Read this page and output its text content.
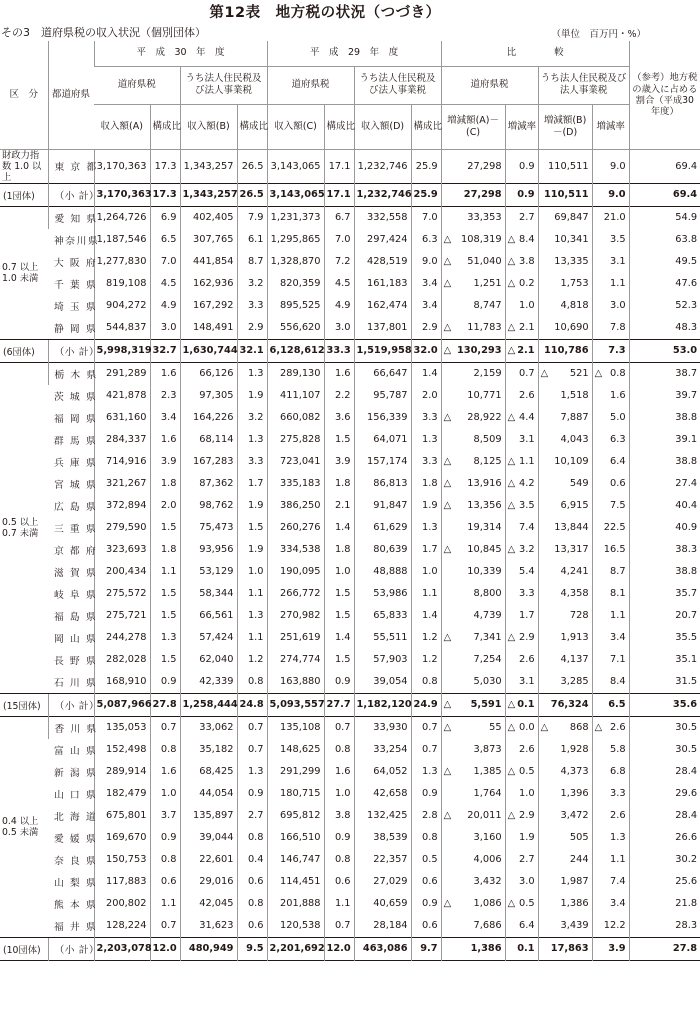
第12表　地方税の状況（つづき）
その3　道府県税の収入状況（個別団体）	（単位　百万円・%）
区　分	都道府県	平　成　30　年　度				平　成　29　年　度				比　　　　較				（参考）地方税の歳入に占める割合（平成30年度）
		道府県税		うち法人住民税及び法人事業税		道府県税		うち法人住民税及び法人事業税		道府県税		うち法人住民税及び法人事業税		
		収入額(A)	構成比	収入額(B)	構成比	収入額(C)	構成比	収入額(D)	構成比	増減額(A)－(C)	増減率	増減額(B)－(D)	増減率	
財政力指数 1.0 以上	東 京 都	3,170,363	17.3	1,343,257	26.5	3,143,065	17.1	1,232,746	25.9	27,298	0.9	110,511	9.0	69.4
(1団体)	（小 計）	3,170,363	17.3	1,343,257	26.5	3,143,065	17.1	1,232,746	25.9	27,298	0.9	110,511	9.0	69.4
0.7 以上 1.0 未満	愛 知 県	1,264,726	6.9	402,405	7.9	1,231,373	6.7	332,558	7.0	33,353	2.7	69,847	21.0	54.9
	神奈川県	1,187,546	6.5	307,765	6.1	1,295,865	7.0	297,424	6.3	△ 108,319	△ 8.4	10,341	3.5	63.8
	大 阪 府	1,277,830	7.0	441,854	8.7	1,328,870	7.2	428,519	9.0	△ 51,040	△ 3.8	13,335	3.1	49.5
	千 葉 県	819,108	4.5	162,936	3.2	820,359	4.5	161,183	3.4	△ 1,251	△ 0.2	1,753	1.1	47.6
	埼 玉 県	904,272	4.9	167,292	3.3	895,525	4.9	162,474	3.4	8,747	1.0	4,818	3.0	52.3
	静 岡 県	544,837	3.0	148,491	2.9	556,620	3.0	137,801	2.9	△ 11,783	△ 2.1	10,690	7.8	48.3
(6団体)	（小 計）	5,998,319	32.7	1,630,744	32.1	6,128,612	33.3	1,519,958	32.0	△ 130,293	△ 2.1	110,786	7.3	53.0
0.5 以上 0.7 未満	栃 木 県	291,289	1.6	66,126	1.3	289,130	1.6	66,647	1.4	2,159	0.7	△ 521	△ 0.8	38.7
	茨 城 県	421,878	2.3	97,305	1.9	411,107	2.2	95,787	2.0	10,771	2.6	1,518	1.6	39.7
	福 岡 県	631,160	3.4	164,226	3.2	660,082	3.6	156,339	3.3	△ 28,922	△ 4.4	7,887	5.0	38.8
	群 馬 県	284,337	1.6	68,114	1.3	275,828	1.5	64,071	1.3	8,509	3.1	4,043	6.3	39.1
	兵 庫 県	714,916	3.9	167,283	3.3	723,041	3.9	157,174	3.3	△ 8,125	△ 1.1	10,109	6.4	38.8
	宮 城 県	321,267	1.8	87,362	1.7	335,183	1.8	86,813	1.8	△ 13,916	△ 4.2	549	0.6	27.4
	広 島 県	372,894	2.0	98,762	1.9	386,250	2.1	91,847	1.9	△ 13,356	△ 3.5	6,915	7.5	40.4
	三 重 県	279,590	1.5	75,473	1.5	260,276	1.4	61,629	1.3	19,314	7.4	13,844	22.5	40.9
	京 都 府	323,693	1.8	93,956	1.9	334,538	1.8	80,639	1.7	△ 10,845	△ 3.2	13,317	16.5	38.3
	滋 賀 県	200,434	1.1	53,129	1.0	190,095	1.0	48,888	1.0	10,339	5.4	4,241	8.7	38.8
	岐 阜 県	275,572	1.5	58,344	1.1	266,772	1.5	53,986	1.1	8,800	3.3	4,358	8.1	35.7
	福 島 県	275,721	1.5	66,561	1.3	270,982	1.5	65,833	1.4	4,739	1.7	728	1.1	20.7
	岡 山 県	244,278	1.3	57,424	1.1	251,619	1.4	55,511	1.2	△ 7,341	△ 2.9	1,913	3.4	35.5
	長 野 県	282,028	1.5	62,040	1.2	274,774	1.5	57,903	1.2	7,254	2.6	4,137	7.1	35.1
	石 川 県	168,910	0.9	42,339	0.8	163,880	0.9	39,054	0.8	5,030	3.1	3,285	8.4	31.5
(15団体)	（小 計）	5,087,966	27.8	1,258,444	24.8	5,093,557	27.7	1,182,120	24.9	△ 5,591	△ 0.1	76,324	6.5	35.6
0.4 以上 0.5 未満	香 川 県	135,053	0.7	33,062	0.7	135,108	0.7	33,930	0.7	△ 55	△ 0.0	△ 868	△ 2.6	30.5
	富 山 県	152,498	0.8	35,182	0.7	148,625	0.8	33,254	0.7	3,873	2.6	1,928	5.8	30.5
	新 潟 県	289,914	1.6	68,425	1.3	291,299	1.6	64,052	1.3	△ 1,385	△ 0.5	4,373	6.8	28.4
	山 口 県	182,479	1.0	44,054	0.9	180,715	1.0	42,658	0.9	1,764	1.0	1,396	3.3	29.6
	北 海 道	675,801	3.7	135,897	2.7	695,812	3.8	132,425	2.8	△ 20,011	△ 2.9	3,472	2.6	28.4
	愛 媛 県	169,670	0.9	39,044	0.8	166,510	0.9	38,539	0.8	3,160	1.9	505	1.3	26.6
	奈 良 県	150,753	0.8	22,601	0.4	146,747	0.8	22,357	0.5	4,006	2.7	244	1.1	30.2
	山 梨 県	117,883	0.6	29,016	0.6	114,451	0.6	27,029	0.6	3,432	3.0	1,987	7.4	25.6
	熊 本 県	200,802	1.1	42,045	0.8	201,888	1.1	40,659	0.9	△ 1,086	△ 0.5	1,386	3.4	21.8
	福 井 県	128,224	0.7	31,623	0.6	120,538	0.7	28,184	0.6	7,686	6.4	3,439	12.2	28.3
(10団体)	（小 計）	2,203,078	12.0	480,949	9.5	2,201,692	12.0	463,086	9.7	1,386	0.1	17,863	3.9	27.8
